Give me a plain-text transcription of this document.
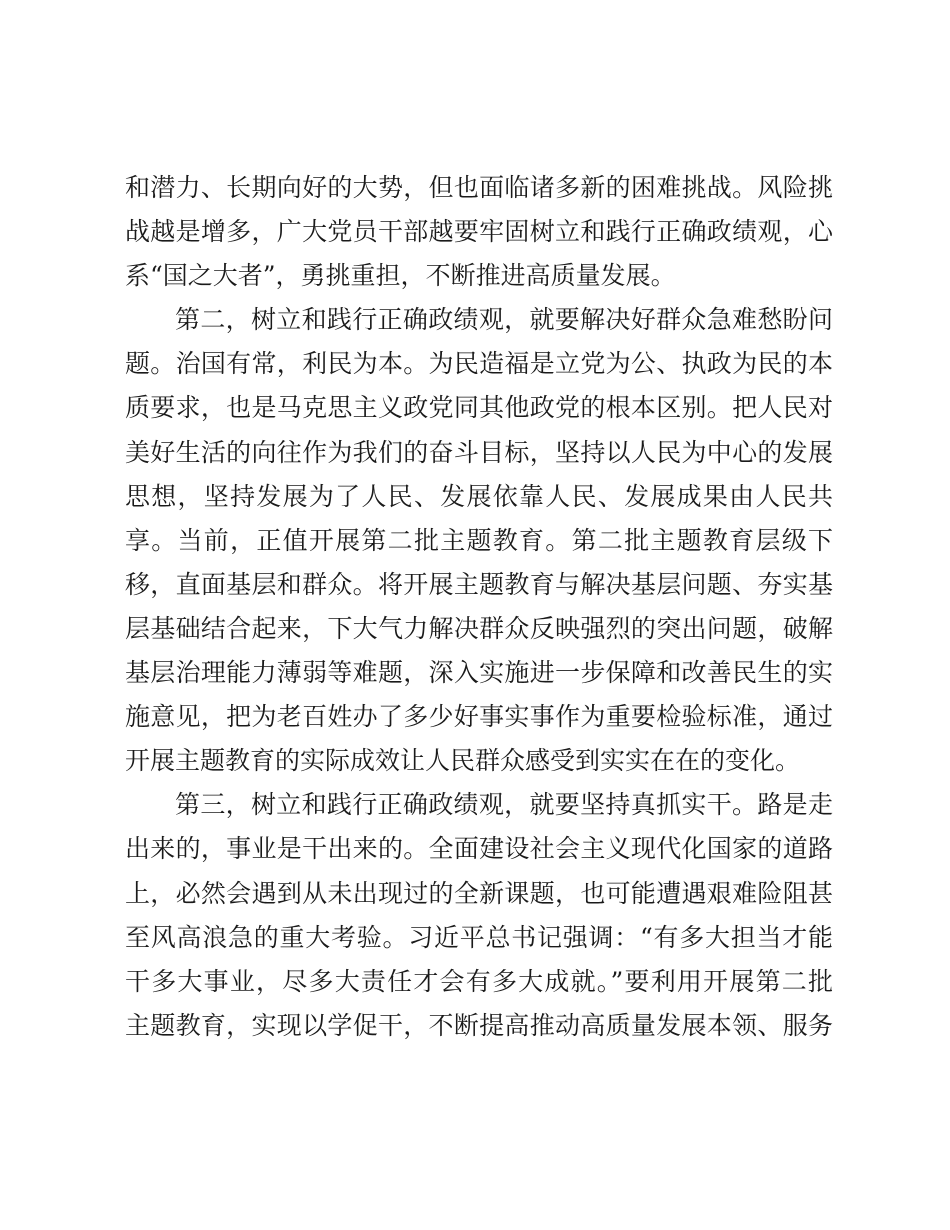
和潜力、长期向好的大势，但也面临诸多新的困难挑战。风险挑
战越是增多，广大党员干部越要牢固树立和践行正确政绩观，心
系“国之大者”，勇挑重担，不断推进高质量发展。
第二，树立和践行正确政绩观，就要解决好群众急难愁盼问
题。治国有常，利民为本。为民造福是立党为公、执政为民的本
质要求，也是马克思主义政党同其他政党的根本区别。把人民对
美好生活的向往作为我们的奋斗目标，坚持以人民为中心的发展
思想，坚持发展为了人民、发展依靠人民、发展成果由人民共
享。当前，正值开展第二批主题教育。第二批主题教育层级下
移，直面基层和群众。将开展主题教育与解决基层问题、夯实基
层基础结合起来，下大气力解决群众反映强烈的突出问题，破解
基层治理能力薄弱等难题，深入实施进一步保障和改善民生的实
施意见，把为老百姓办了多少好事实事作为重要检验标准，通过
开展主题教育的实际成效让人民群众感受到实实在在的变化。
第三，树立和践行正确政绩观，就要坚持真抓实干。路是走
出来的，事业是干出来的。全面建设社会主义现代化国家的道路
上，必然会遇到从未出现过的全新课题，也可能遭遇艰难险阻甚
至风高浪急的重大考验。习近平总书记强调：“有多大担当才能
干多大事业，尽多大责任才会有多大成就。”要利用开展第二批
主题教育，实现以学促干，不断提高推动高质量发展本领、服务
